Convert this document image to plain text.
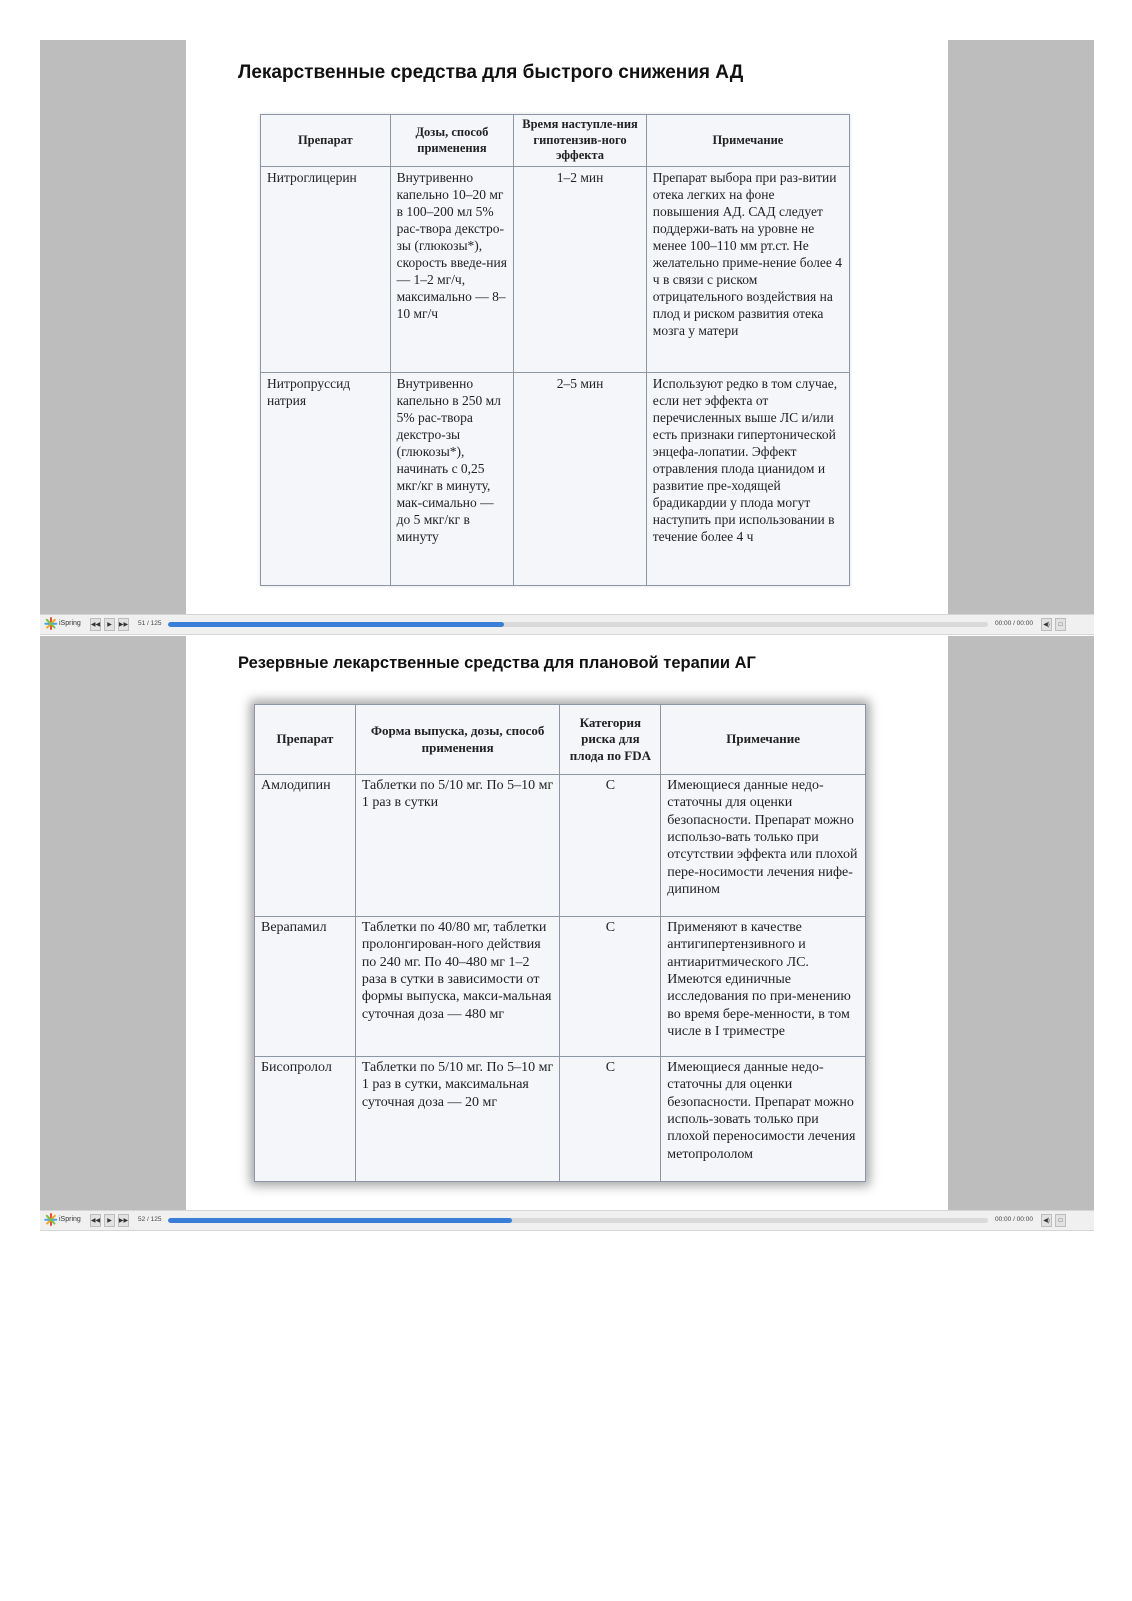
Лекарственные средства для быстрого снижения АД
Препарат	Дозы, способ применения	Время наступле-ния гипотензив-ного эффекта	Примечание
Нитроглицерин	Внутривенно капельно 10–20 мг в 100–200 мл 5% рас-твора декстро-зы (глюкозы*), скорость введе-ния — 1–2 мг/ч, максимально — 8–10 мг/ч	1–2 мин	Препарат выбора при раз-витии отека легких на фоне повышения АД. САД следует поддержи-вать на уровне не менее 100–110 мм рт.ст. Не желательно приме-нение более 4 ч в связи с риском отрицательного воздействия на плод и риском развития отека мозга у матери
Нитропруссид натрия	Внутривенно капельно в 250 мл 5% рас-твора декстро-зы (глюкозы*), начинать с 0,25 мкг/кг в минуту, мак-симально — до 5 мкг/кг в минуту	2–5 мин	Используют редко в том случае, если нет эффекта от перечисленных выше ЛС и/или есть признаки гипертонической энцефа-лопатии. Эффект отравления плода цианидом и развитие пре-ходящей брадикардии у плода могут наступить при использовании в течение более 4 ч
iSpring ◀◀ ▶ ▶▶ 51 / 125	00:00 / 00:00 ◀) □
Резервные лекарственные средства для плановой терапии АГ
Препарат	Форма выпуска, дозы, способ применения	Категория риска для плода по FDA	Примечание
Амлодипин	Таблетки по 5/10 мг. По 5–10 мг 1 раз в сутки	C	Имеющиеся данные недо-статочны для оценки безопасности. Препарат можно использо-вать только при отсутствии эффекта или плохой пере-носимости лечения нифе-дипином
Верапамил	Таблетки по 40/80 мг, таблетки пролонгирован-ного действия по 240 мг. По 40–480 мг 1–2 раза в сутки в зависимости от формы выпуска, макси-мальная суточная доза — 480 мг	C	Применяют в качестве антигипертензивного и антиаритмического ЛС. Имеются единичные исследования по при-менению во время бере-менности, в том числе в I триместре
Бисопролол	Таблетки по 5/10 мг. По 5–10 мг 1 раз в сутки, максимальная суточная доза — 20 мг	C	Имеющиеся данные недо-статочны для оценки безопасности. Препарат можно исполь-зовать только при плохой переносимости лечения метопрололом
iSpring ◀◀ ▶ ▶▶ 52 / 125	00:00 / 00:00 ◀) □
